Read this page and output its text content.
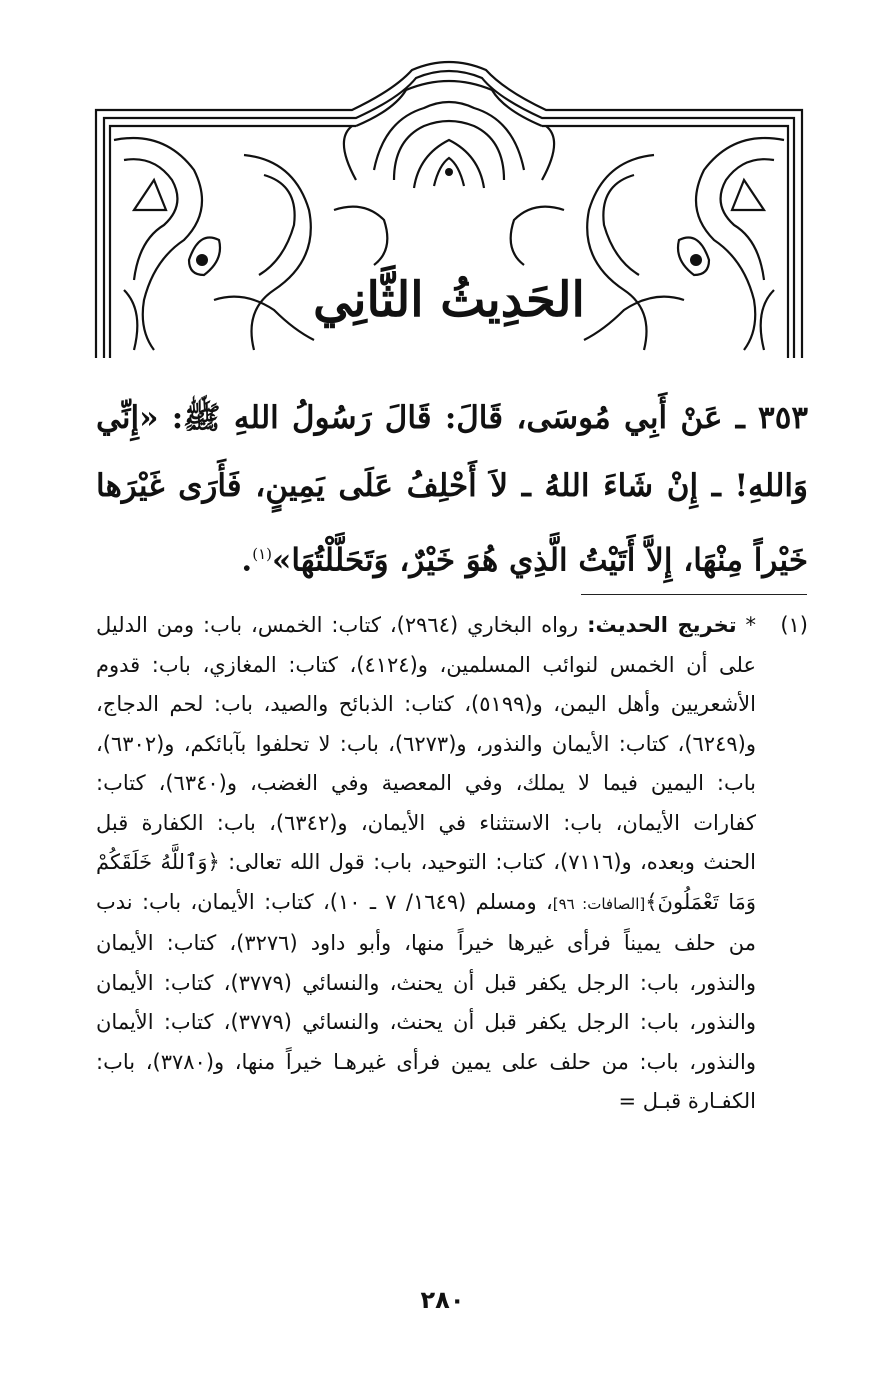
الحَدِيثُ الثَّانِي
٣٥٣ ـ عَنْ أَبِي مُوسَى، قَالَ: قَالَ رَسُولُ اللهِ ﷺ: «إِنِّي وَاللهِ! ـ إِنْ شَاءَ اللهُ ـ لاَ أَحْلِفُ عَلَى يَمِينٍ، فَأَرَى غَيْرَها خَيْراً مِنْهَا، إِلاَّ أَتَيْتُ الَّذِي هُوَ خَيْرٌ، وَتَحَلَّلْتُهَا»$^{(١)}$.
(١)
* تخريج الحديث: رواه البخاري (٢٩٦٤)، كتاب: الخمس، باب: ومن الدليل على أن الخمس لنوائب المسلمين، و(٤١٢٤)، كتاب: المغازي، باب: قدوم الأشعريين وأهل اليمن، و(٥١٩٩)، كتاب: الذبائح والصيد، باب: لحم الدجاج، و(٦٢٤٩)، كتاب: الأيمان والنذور، و(٦٢٧٣)، باب: لا تحلفوا بآبائكم، و(٦٣٠٢)، باب: اليمين فيما لا يملك، وفي المعصية وفي الغضب، و(٦٣٤٠)، كتاب: كفارات الأيمان، باب: الاستثناء في الأيمان، و(٦٣٤٢)، باب: الكفارة قبل الحنث وبعده، و(٧١١٦)، كتاب: التوحيد، باب: قول الله تعالى: ﴿وَٱللَّهُ خَلَقَكُمْ وَمَا تَعْمَلُونَ﴾[الصافات: ٩٦]، ومسلم (١٦٤٩/ ٧ ـ ١٠)، كتاب: الأيمان، باب: ندب من حلف يميناً فرأى غيرها خيراً منها، وأبو داود (٣٢٧٦)، كتاب: الأيمان والنذور، باب: الرجل يكفر قبل أن يحنث، والنسائي (٣٧٧٩)، كتاب: الأيمان والنذور، باب: الرجل يكفر قبل أن يحنث، والنسائي (٣٧٧٩)، كتاب: الأيمان والنذور، باب: من حلف على يمين فرأى غيرهـا خيراً منها، و(٣٧٨٠)، باب: الكفـارة قبـل =
٢٨٠
